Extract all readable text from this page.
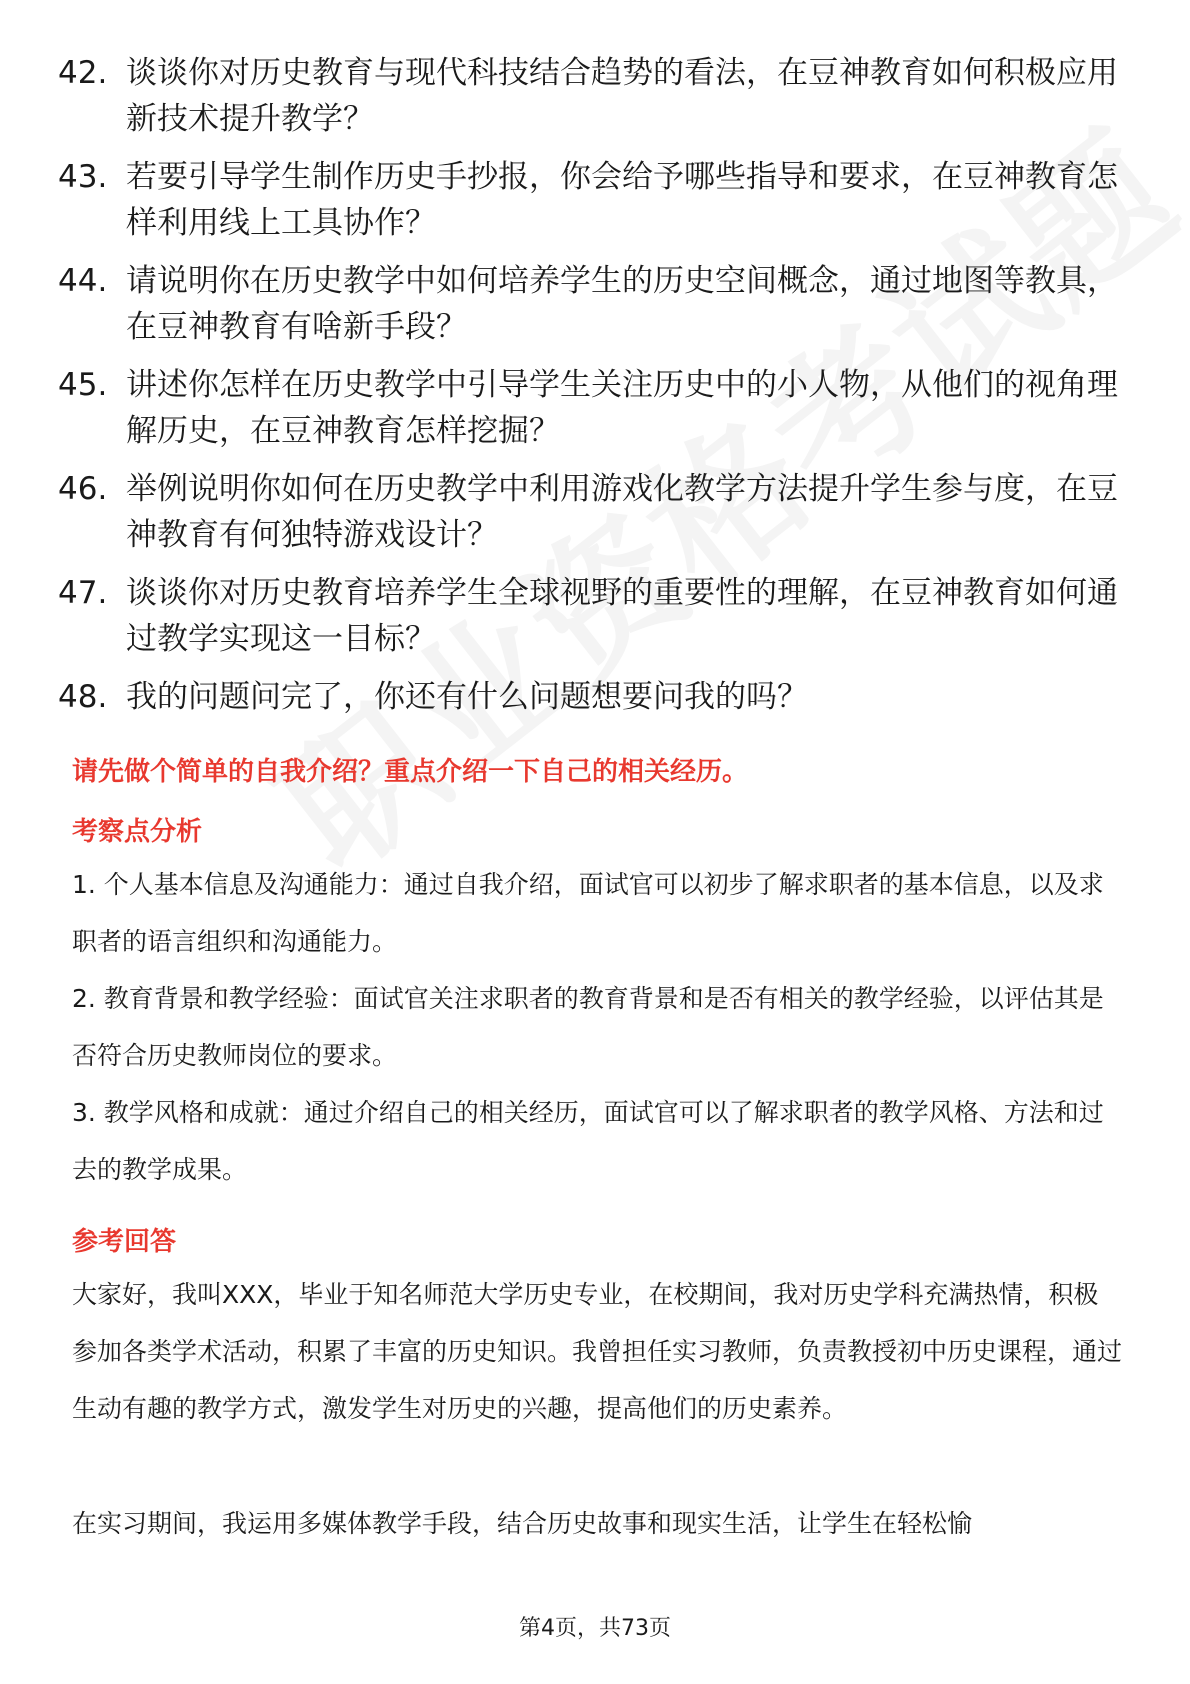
42. 谈谈你对历史教育与现代科技结合趋势的看法，在豆神教育如何积极应用新技术提升教学？
43. 若要引导学生制作历史手抄报，你会给予哪些指导和要求，在豆神教育怎样利用线上工具协作？
44. 请说明你在历史教学中如何培养学生的历史空间概念，通过地图等教具，在豆神教育有啥新手段？
45. 讲述你怎样在历史教学中引导学生关注历史中的小人物，从他们的视角理解历史，在豆神教育怎样挖掘？
46. 举例说明你如何在历史教学中利用游戏化教学方法提升学生参与度，在豆神教育有何独特游戏设计？
47. 谈谈你对历史教育培养学生全球视野的重要性的理解，在豆神教育如何通过教学实现这一目标？
48. 我的问题问完了，你还有什么问题想要问我的吗？
请先做个简单的自我介绍？重点介绍一下自己的相关经历。
考察点分析
1. 个人基本信息及沟通能力：通过自我介绍，面试官可以初步了解求职者的基本信息，以及求职者的语言组织和沟通能力。
2. 教育背景和教学经验：面试官关注求职者的教育背景和是否有相关的教学经验，以评估其是否符合历史教师岗位的要求。
3. 教学风格和成就：通过介绍自己的相关经历，面试官可以了解求职者的教学风格、方法和过去的教学成果。
参考回答
大家好，我叫XXX，毕业于知名师范大学历史专业，在校期间，我对历史学科充满热情，积极参加各类学术活动，积累了丰富的历史知识。我曾担任实习教师，负责教授初中历史课程，通过生动有趣的教学方式，激发学生对历史的兴趣，提高他们的历史素养。
在实习期间，我运用多媒体教学手段，结合历史故事和现实生活，让学生在轻松愉
第4页，共73页
